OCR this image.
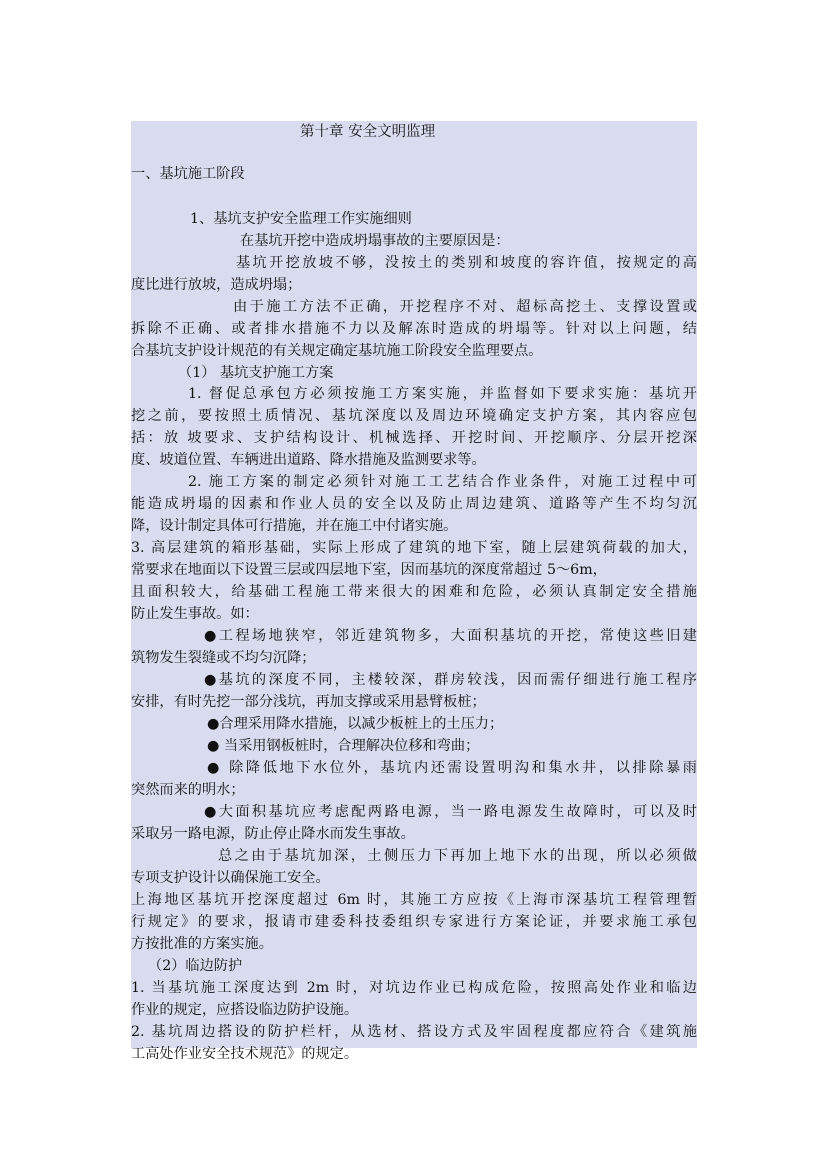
第十章 安全文明监理
一、基坑施工阶段
1、基坑支护安全监理工作实施细则
在基坑开挖中造成坍塌事故的主要原因是：
基坑开挖放坡不够，没按土的类别和坡度的容许值，按规定的高
度比进行放坡，造成坍塌；
由于施工方法不正确，开挖程序不对、超标高挖土、支撑设置或
拆除不正确、或者排水措施不力以及解冻时造成的坍塌等。针对以上问题，结
合基坑支护设计规范的有关规定确定基坑施工阶段安全监理要点。
（1） 基坑支护施工方案
1. 督促总承包方必须按施工方案实施，并监督如下要求实施：基坑开
挖之前，要按照土质情况、基坑深度以及周边环境确定支护方案，其内容应包
括：放 坡要求、支护结构设计、机械选择、开挖时间、开挖顺序、分层开挖深
度、坡道位置、车辆进出道路、降水措施及监测要求等。
2. 施工方案的制定必须针对施工工艺结合作业条件，对施工过程中可
能造成坍塌的因素和作业人员的安全以及防止周边建筑、道路等产生不均匀沉
降，设计制定具体可行措施，并在施工中付诸实施。
3. 高层建筑的箱形基础，实际上形成了建筑的地下室，随上层建筑荷载的加大，
常要求在地面以下设置三层或四层地下室，因而基坑的深度常超过 5～6m，
且面积较大，给基础工程施工带来很大的困难和危险，必须认真制定安全措施
防止发生事故。如：
●工程场地狭窄，邻近建筑物多，大面积基坑的开挖，常使这些旧建
筑物发生裂缝或不均匀沉降；
●基坑的深度不同，主楼较深，群房较浅，因而需仔细进行施工程序
安排，有时先挖一部分浅坑，再加支撑或采用悬臂板桩；
●合理采用降水措施，以减少板桩上的土压力；
● 当采用钢板桩时，合理解决位移和弯曲；
● 除降低地下水位外，基坑内还需设置明沟和集水井，以排除暴雨
突然而来的明水；
●大面积基坑应考虑配两路电源，当一路电源发生故障时，可以及时
采取另一路电源，防止停止降水而发生事故。
总之由于基坑加深，土侧压力下再加上地下水的出现，所以必须做
专项支护设计以确保施工安全。
上海地区基坑开挖深度超过 6m 时，其施工方应按《上海市深基坑工程管理暂
行规定》的要求，报请市建委科技委组织专家进行方案论证，并要求施工承包
方按批准的方案实施。
（2）临边防护
1. 当基坑施工深度达到 2m 时，对坑边作业已构成危险，按照高处作业和临边
作业的规定，应搭设临边防护设施。
2. 基坑周边搭设的防护栏杆，从选材、搭设方式及牢固程度都应符合《建筑施
工高处作业安全技术规范》的规定。
